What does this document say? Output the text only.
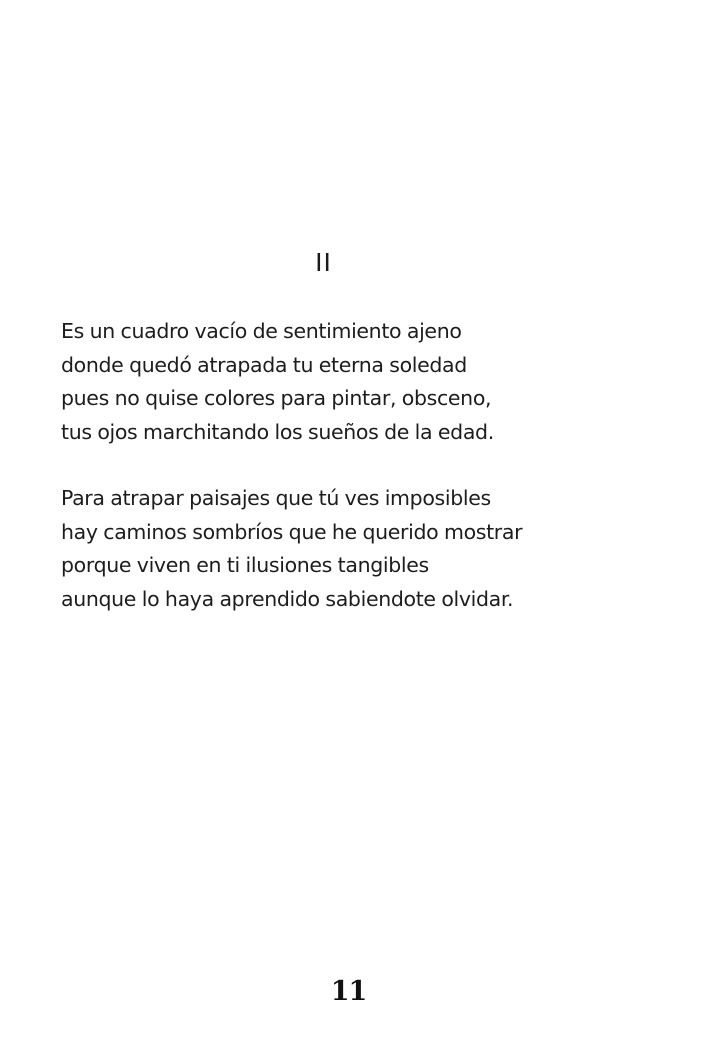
II
Es un cuadro vacío de sentimiento ajeno
donde quedó atrapada tu eterna soledad
pues no quise colores para pintar, obsceno,
tus ojos marchitando los sueños de la edad.
Para atrapar paisajes que tú ves imposibles
hay caminos sombríos que he querido mostrar
porque viven en ti ilusiones tangibles
aunque lo haya aprendido sabiendote olvidar.
11
